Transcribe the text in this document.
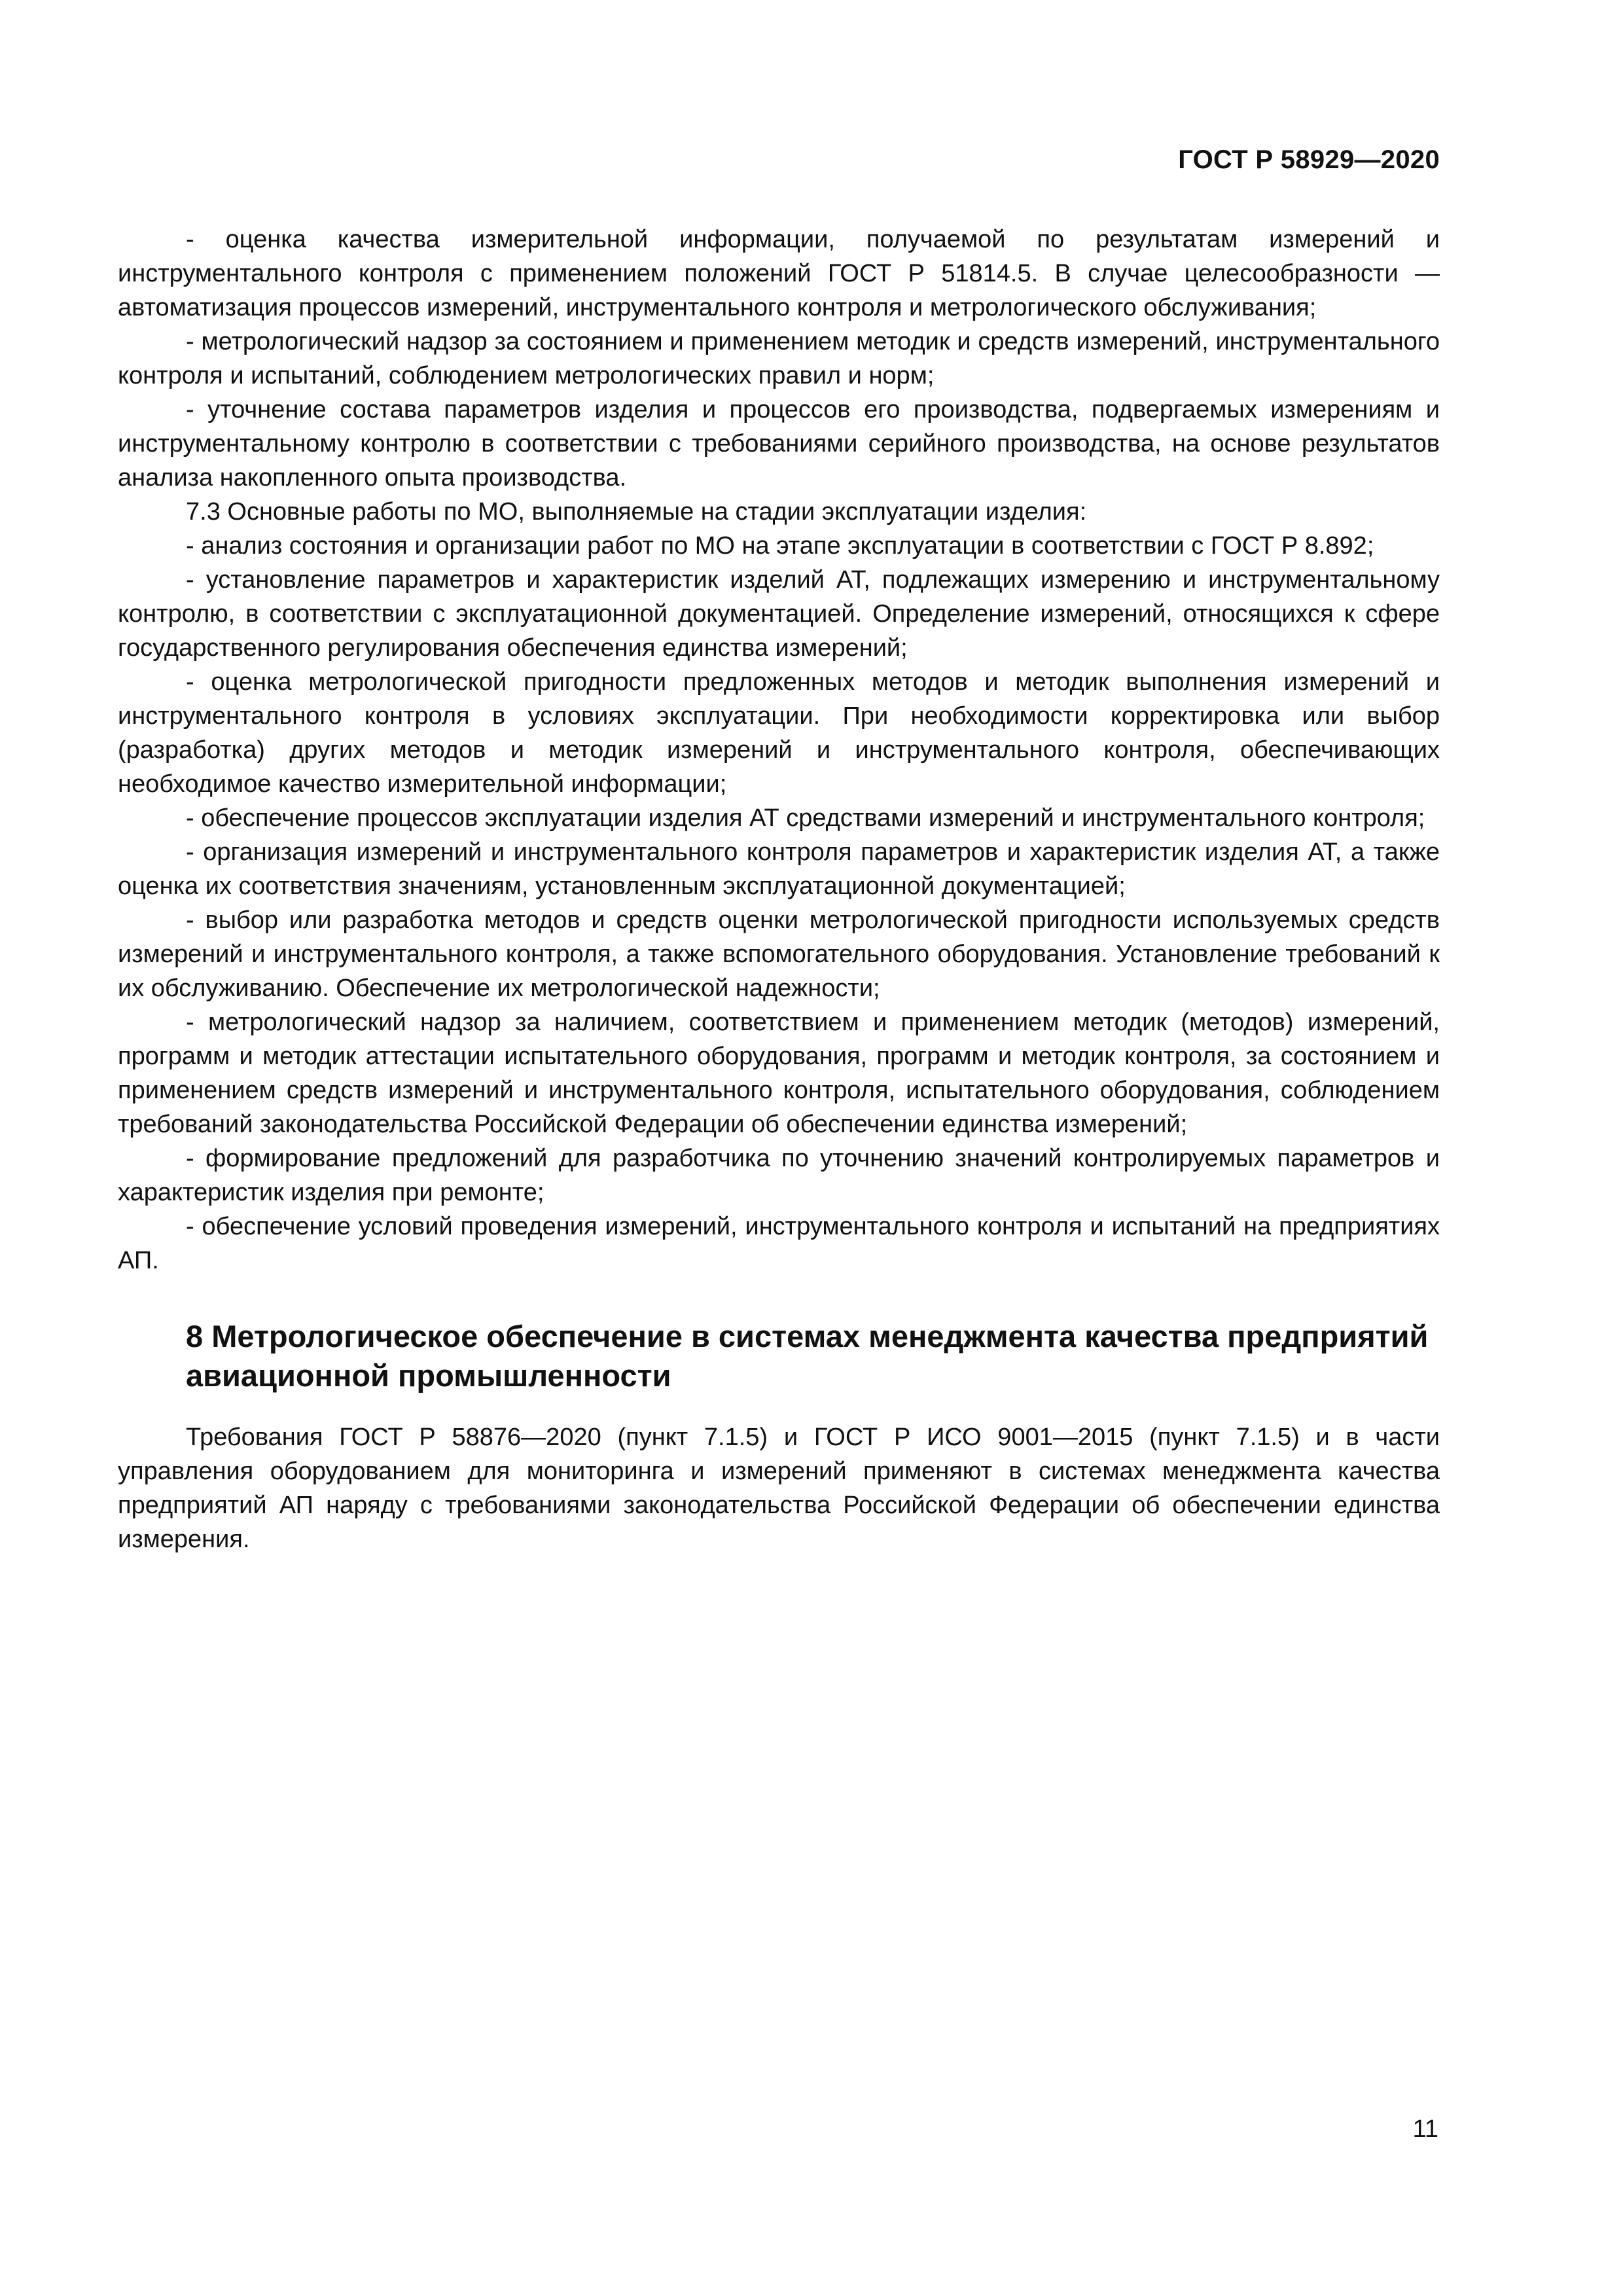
ГОСТ Р 58929—2020

- оценка качества измерительной информации, получаемой по результатам измерений и инструментального контроля с применением положений ГОСТ Р 51814.5. В случае целесообразности — автоматизация процессов измерений, инструментального контроля и метрологического обслуживания;

- метрологический надзор за состоянием и применением методик и средств измерений, инструментального контроля и испытаний, соблюдением метрологических правил и норм;

- уточнение состава параметров изделия и процессов его производства, подвергаемых измерениям и инструментальному контролю в соответствии с требованиями серийного производства, на основе результатов анализа накопленного опыта производства.

7.3 Основные работы по МО, выполняемые на стадии эксплуатации изделия:

- анализ состояния и организации работ по МО на этапе эксплуатации в соответствии с ГОСТ Р 8.892;

- установление параметров и характеристик изделий АТ, подлежащих измерению и инструментальному контролю, в соответствии с эксплуатационной документацией. Определение измерений, относящихся к сфере государственного регулирования обеспечения единства измерений;

- оценка метрологической пригодности предложенных методов и методик выполнения измерений и инструментального контроля в условиях эксплуатации. При необходимости корректировка или выбор (разработка) других методов и методик измерений и инструментального контроля, обеспечивающих необходимое качество измерительной информации;

- обеспечение процессов эксплуатации изделия АТ средствами измерений и инструментального контроля;

- организация измерений и инструментального контроля параметров и характеристик изделия АТ, а также оценка их соответствия значениям, установленным эксплуатационной документацией;

- выбор или разработка методов и средств оценки метрологической пригодности используемых средств измерений и инструментального контроля, а также вспомогательного оборудования. Установление требований к их обслуживанию. Обеспечение их метрологической надежности;

- метрологический надзор за наличием, соответствием и применением методик (методов) измерений, программ и методик аттестации испытательного оборудования, программ и методик контроля, за состоянием и применением средств измерений и инструментального контроля, испытательного оборудования, соблюдением требований законодательства Российской Федерации об обеспечении единства измерений;

- формирование предложений для разработчика по уточнению значений контролируемых параметров и характеристик изделия при ремонте;

- обеспечение условий проведения измерений, инструментального контроля и испытаний на предприятиях АП.

8 Метрологическое обеспечение в системах менеджмента качества предприятий авиационной промышленности

Требования ГОСТ Р 58876—2020 (пункт 7.1.5) и ГОСТ Р ИСО 9001—2015 (пункт 7.1.5) и в части управления оборудованием для мониторинга и измерений применяют в системах менеджмента качества предприятий АП наряду с требованиями законодательства Российской Федерации об обеспечении единства измерения.

11
